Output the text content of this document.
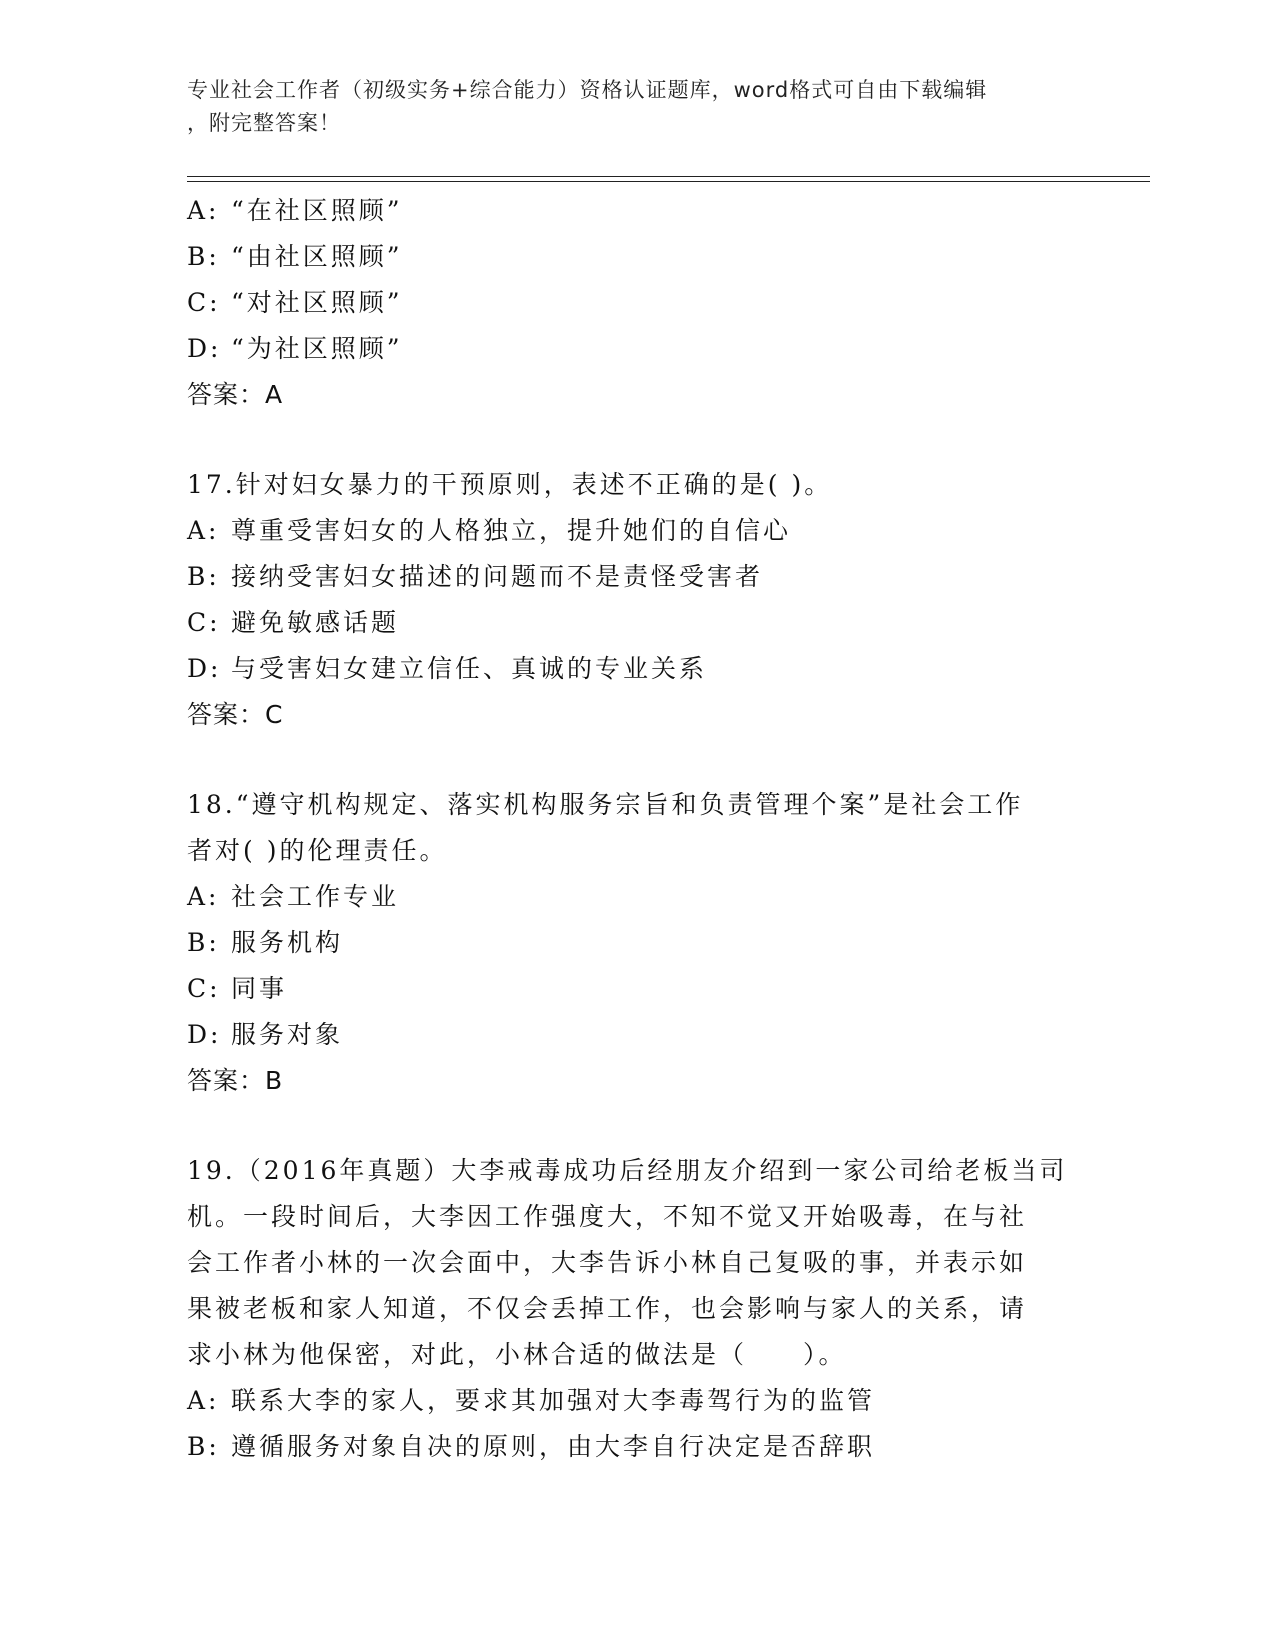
专业社会工作者（初级实务+综合能力）资格认证题库，word格式可自由下载编辑
，附完整答案！
A: “在社区照顾”
B: “由社区照顾”
C: “对社区照顾”
D: “为社区照顾”
答案：A
17.针对妇女暴力的干预原则，表述不正确的是( )。
A: 尊重受害妇女的人格独立，提升她们的自信心
B: 接纳受害妇女描述的问题而不是责怪受害者
C: 避免敏感话题
D: 与受害妇女建立信任、真诚的专业关系
答案：C
18.“遵守机构规定、落实机构服务宗旨和负责管理个案”是社会工作
者对( )的伦理责任。
A: 社会工作专业
B: 服务机构
C: 同事
D: 服务对象
答案：B
19.（2016年真题）大李戒毒成功后经朋友介绍到一家公司给老板当司
机。一段时间后，大李因工作强度大，不知不觉又开始吸毒，在与社
会工作者小林的一次会面中，大李告诉小林自己复吸的事，并表示如
果被老板和家人知道，不仅会丢掉工作，也会影响与家人的关系，请
求小林为他保密，对此，小林合适的做法是（　　）。
A: 联系大李的家人，要求其加强对大李毒驾行为的监管
B: 遵循服务对象自决的原则，由大李自行决定是否辞职
